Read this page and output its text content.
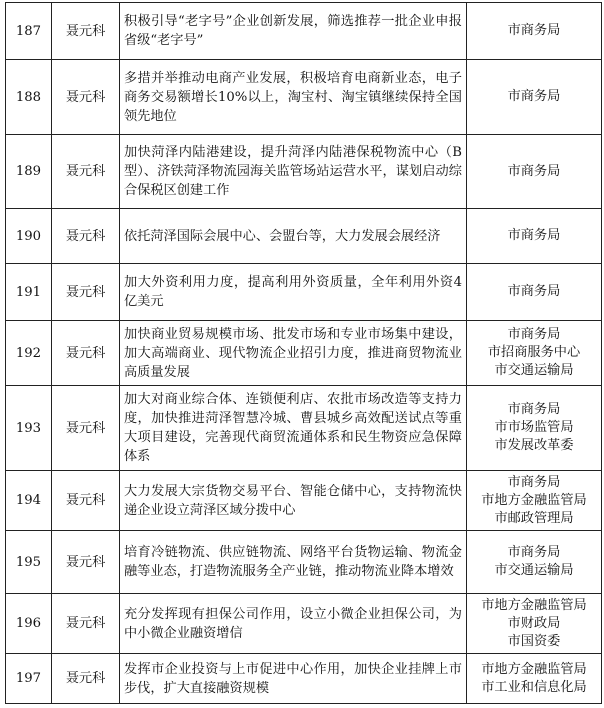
187	聂元科	积极引导“老字号”企业创新发展，筛选推荐一批企业申报省级“老字号”	市商务局

188	聂元科	多措并举推动电商产业发展，积极培育电商新业态，电子商务交易额增长10%以上，淘宝村、淘宝镇继续保持全国领先地位	市商务局

189	聂元科	加快菏泽内陆港建设，提升菏泽内陆港保税物流中心（B型）、济铁菏泽物流园海关监管场站运营水平，谋划启动综合保税区创建工作	市商务局

190	聂元科	依托菏泽国际会展中心、会盟台等，大力发展会展经济	市商务局

191	聂元科	加大外资利用力度，提高利用外资质量，全年利用外资4亿美元	市商务局

192	聂元科	加快商业贸易规模市场、批发市场和专业市场集中建设，加大高端商业、现代物流企业招引力度，推进商贸物流业高质量发展	市商务局
市招商服务中心
市交通运输局

193	聂元科	加大对商业综合体、连锁便利店、农批市场改造等支持力度，加快推进菏泽智慧冷城、曹县城乡高效配送试点等重大项目建设，完善现代商贸流通体系和民生物资应急保障体系	市商务局
市市场监管局
市发展改革委

194	聂元科	大力发展大宗货物交易平台、智能仓储中心，支持物流快递企业设立菏泽区域分拨中心	市商务局
市地方金融监管局
市邮政管理局

195	聂元科	培育冷链物流、供应链物流、网络平台货物运输、物流金融等业态，打造物流服务全产业链，推动物流业降本增效	市商务局
市交通运输局

196	聂元科	充分发挥现有担保公司作用，设立小微企业担保公司，为中小微企业融资增信	市地方金融监管局
市财政局
市国资委

197	聂元科	发挥市企业投资与上市促进中心作用，加快企业挂牌上市步伐，扩大直接融资规模	市地方金融监管局
市工业和信息化局
